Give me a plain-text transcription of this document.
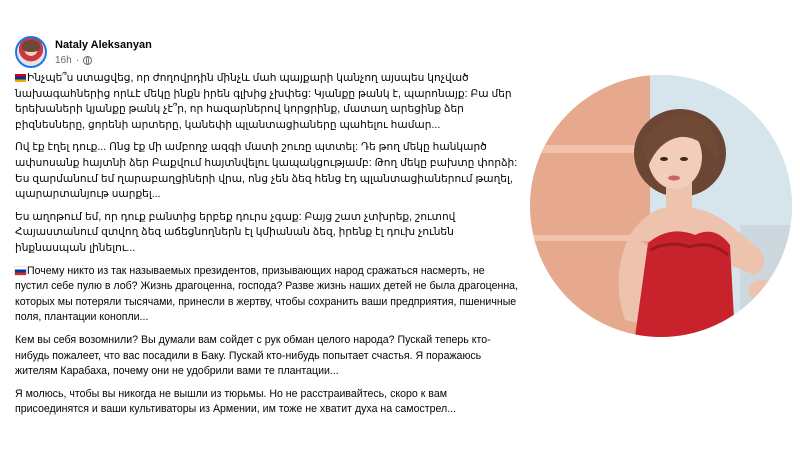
Nataly Aleksanyan
16h ·

Ինչպե՞ս ստացվեց, որ ժողովրդին մինչև մահ պայքարի կանչող այսպես կոչված նախագահներից որևէ մեկը ինքն իրեն գլխից չխփեց: Կյանքը թանկ է, պարոնայք: Բա մեր երեխաների կյանքը թանկ չէ՞ր, որ հազարներով կորցրինք, մատաղ արեցինք ձեր բիզնեսները, ցորենի արտերը, կանեփի պլանտացիաները պահելու համար...

Ով էք էղել դուք... Ոնց էք մի ամբողջ ազգի մատի շուռը պտտել: Դե թող մեկը հանկարծ ափսոսանք հայտնի ձեր Բաքվում հայտնվելու կապակցությամբ: Թող մեկը բախտը փորձի: Ես զարմանում եմ ղարաբաղցիների վրա, ոնց չեն ձեզ հենց էդ պլանտացիաներում թաղել, պարարտանյութ սարքել...

Ես աղոթում եմ, որ դուք բանտից երբեք դուրս չգաք: Բայց շատ չտխրեք, շուտով Հայաստանում զտվող ձեզ աճեցնողներն էլ կմիանան ձեզ, իրենք էլ դուխ չունեն ինքնասպան լինելու...

Почему никто из так называемых президентов, призывающих народ сражаться насмерть, не пустил себе пулю в лоб? Жизнь драгоценна, господа? Разве жизнь наших детей не была драгоценна, которых мы потеряли тысячами, принесли в жертву, чтобы сохранить ваши предприятия, пшеничные поля, плантации конопли...

Кем вы себя возомнили? Вы думали вам сойдет с рук обман целого народа? Пускай теперь кто-нибудь пожалеет, что вас посадили в Баку. Пускай кто-нибудь попытает счастья. Я поражаюсь жителям Карабаха, почему они не удобрили вами те плантации...

Я молюсь, чтобы вы никогда не вышли из тюрьмы. Но не расстраивайтесь, скоро к вам присоединятся и ваши культиваторы из Армении, им тоже не хватит духа на самострел...
